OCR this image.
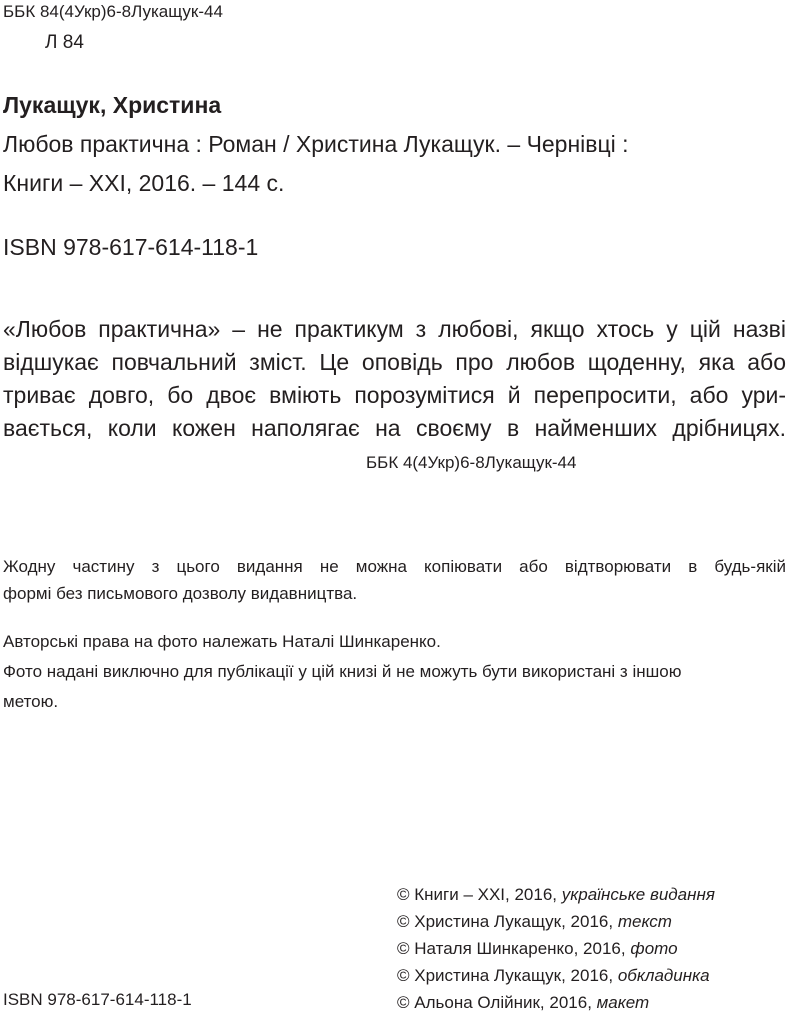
ББК 84(4Укр)6-8Лукащук-44
Л 84
Лукащук, Христина
Любов практична : Роман / Христина Лукащук. – Чернівці :
Книги – ХХІ, 2016. – 144 с.
ISBN 978-617-614-118-1
«Любов практична» – не практикум з любові, якщо хтось у цій назві
відшукає повчальний зміст. Це оповідь про любов щоденну, яка або
триває довго, бо двоє вміють порозумітися й перепросити, або ури-
вається, коли кожен наполягає на своєму в найменших дрібницях.
ББК 4(4Укр)6-8Лукащук-44
Жодну частину з цього видання не можна копіювати або відтворювати в будь-якій
формі без письмового дозволу видавництва.
Авторські права на фото належать Наталі Шинкаренко.
Фото надані виключно для публікації у цій книзі й не можуть бути використані з іншою
метою.
ISBN 978-617-614-118-1
© Книги – ХХІ, 2016, українське видання
© Христина Лукащук, 2016, текст
© Наталя Шинкаренко, 2016, фото
© Христина Лукащук, 2016, обкладинка
© Альона Олійник, 2016, макет
